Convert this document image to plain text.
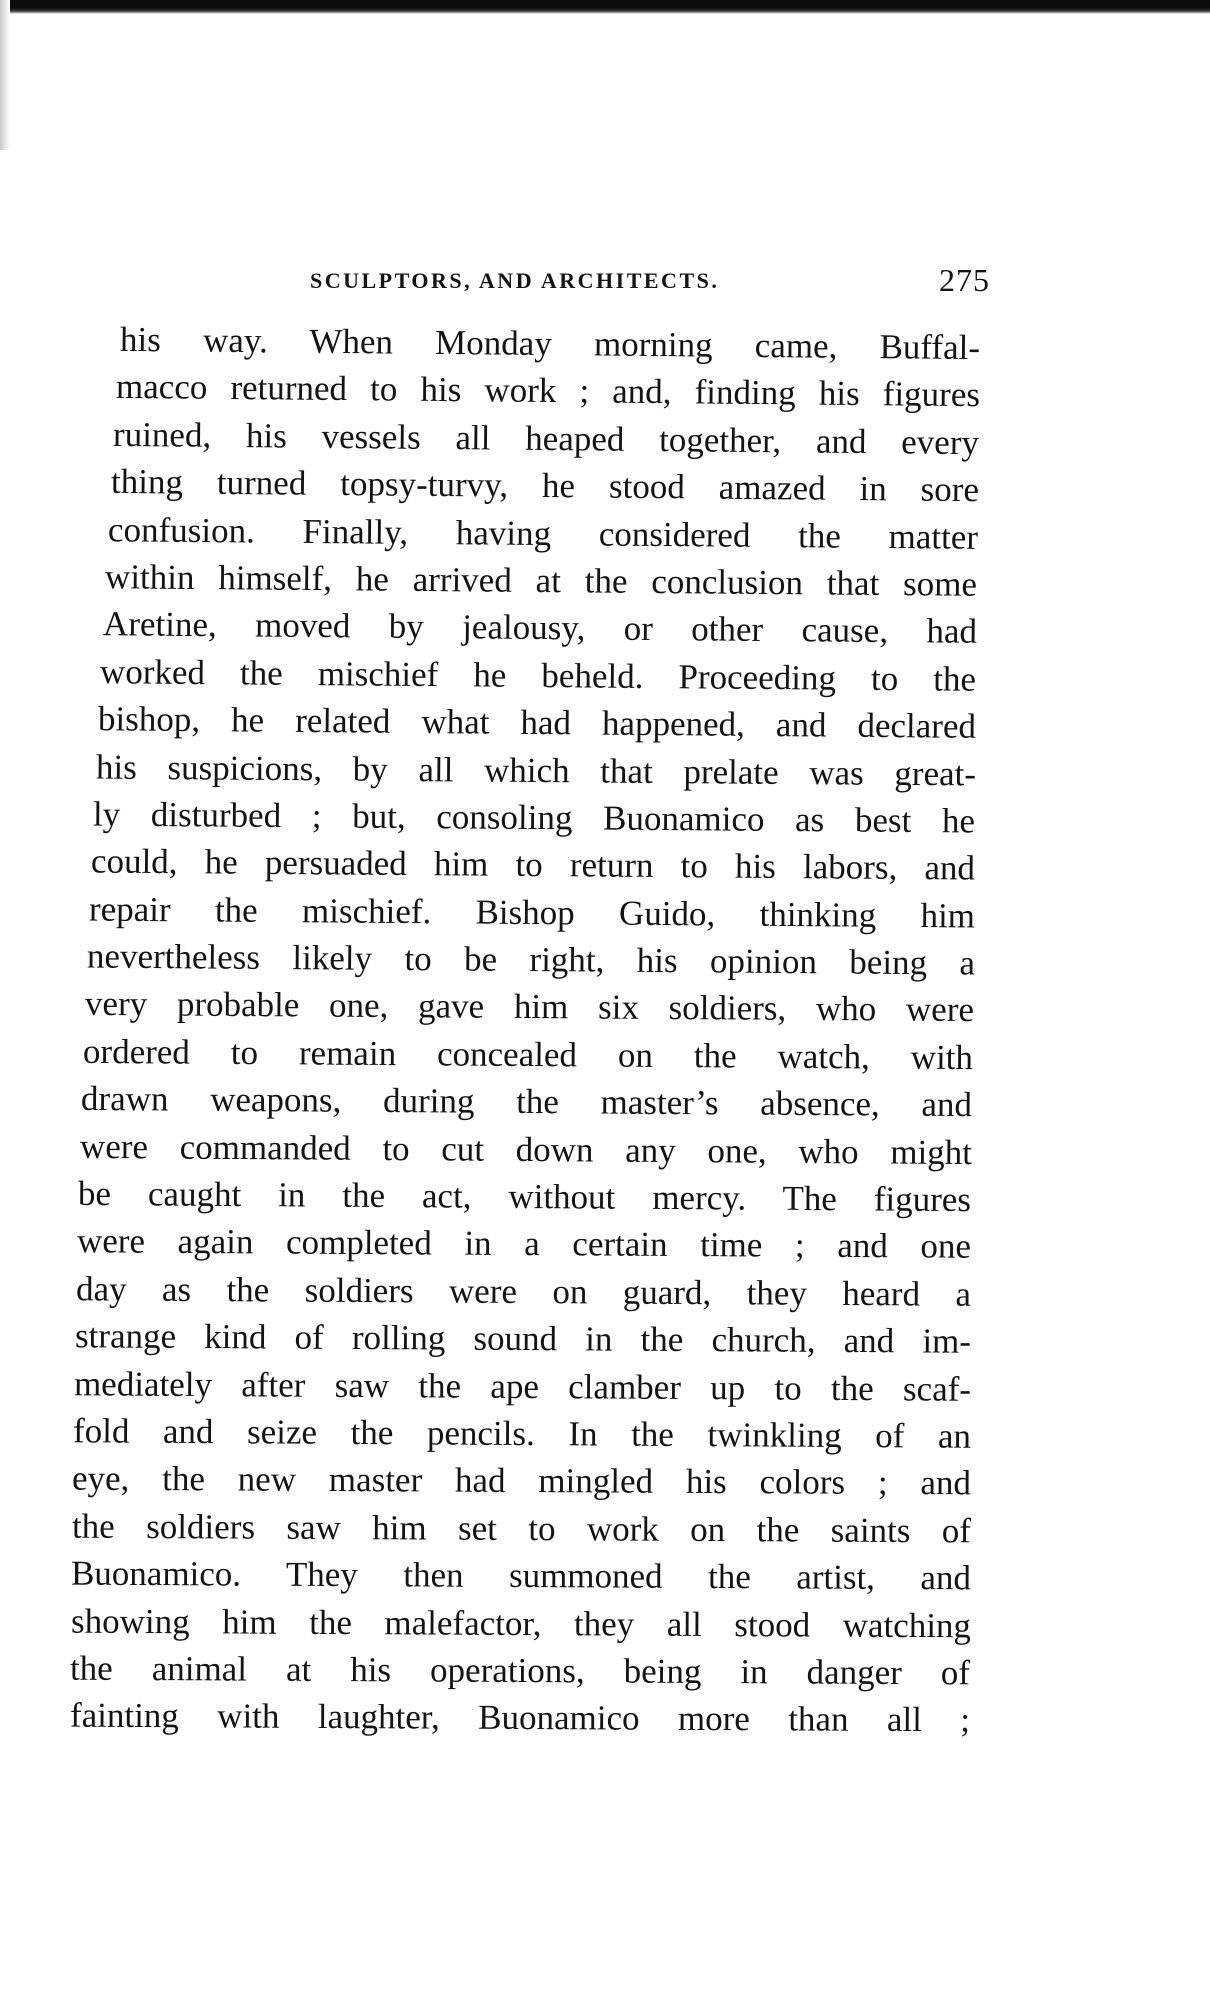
SCULPTORS, AND ARCHITECTS.	275
his way. When Monday morning came, Buffal-
macco returned to his work ; and, finding his figures
ruined, his vessels all heaped together, and every
thing turned topsy-turvy, he stood amazed in sore
confusion. Finally, having considered the matter
within himself, he arrived at the conclusion that some
Aretine, moved by jealousy, or other cause, had
worked the mischief he beheld. Proceeding to the
bishop, he related what had happened, and declared
his suspicions, by all which that prelate was great-
ly disturbed ; but, consoling Buonamico as best he
could, he persuaded him to return to his labors, and
repair the mischief. Bishop Guido, thinking him
nevertheless likely to be right, his opinion being a
very probable one, gave him six soldiers, who were
ordered to remain concealed on the watch, with
drawn weapons, during the master’s absence, and
were commanded to cut down any one, who might
be caught in the act, without mercy. The figures
were again completed in a certain time ; and one
day as the soldiers were on guard, they heard a
strange kind of rolling sound in the church, and im-
mediately after saw the ape clamber up to the scaf-
fold and seize the pencils. In the twinkling of an
eye, the new master had mingled his colors ; and
the soldiers saw him set to work on the saints of
Buonamico. They then summoned the artist, and
showing him the malefactor, they all stood watching
the animal at his operations, being in danger of
fainting with laughter, Buonamico more than all ;
